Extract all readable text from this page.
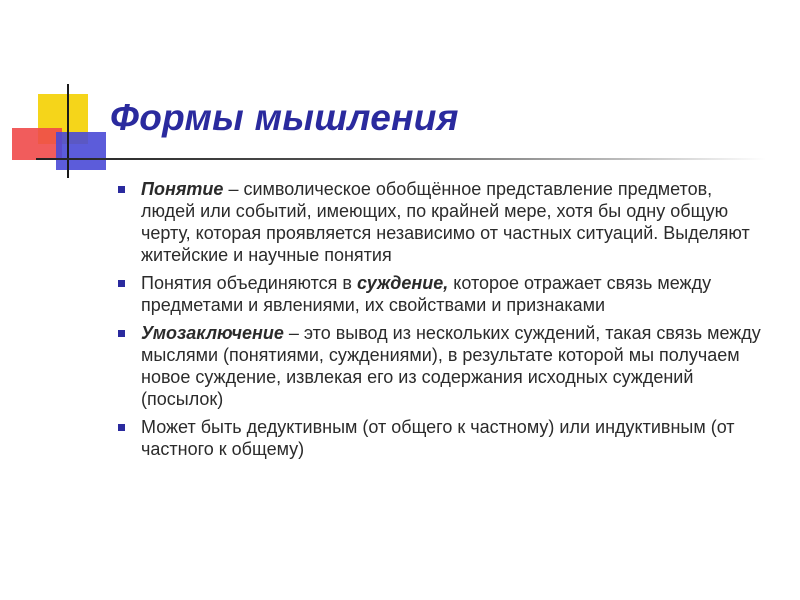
Формы мышления
Понятие – символическое обобщённое представление предметов, людей или событий, имеющих, по крайней мере, хотя бы одну общую черту, которая проявляется независимо от частных ситуаций. Выделяют житейские и научные понятия
Понятия объединяются в суждение, которое отражает связь между предметами и явлениями, их свойствами и признаками
Умозаключение – это вывод из нескольких суждений, такая связь между мыслями (понятиями, суждениями), в результате которой мы получаем новое суждение, извлекая его из содержания исходных суждений (посылок)
Может быть дедуктивным (от общего к частному) или индуктивным (от частного к общему)
